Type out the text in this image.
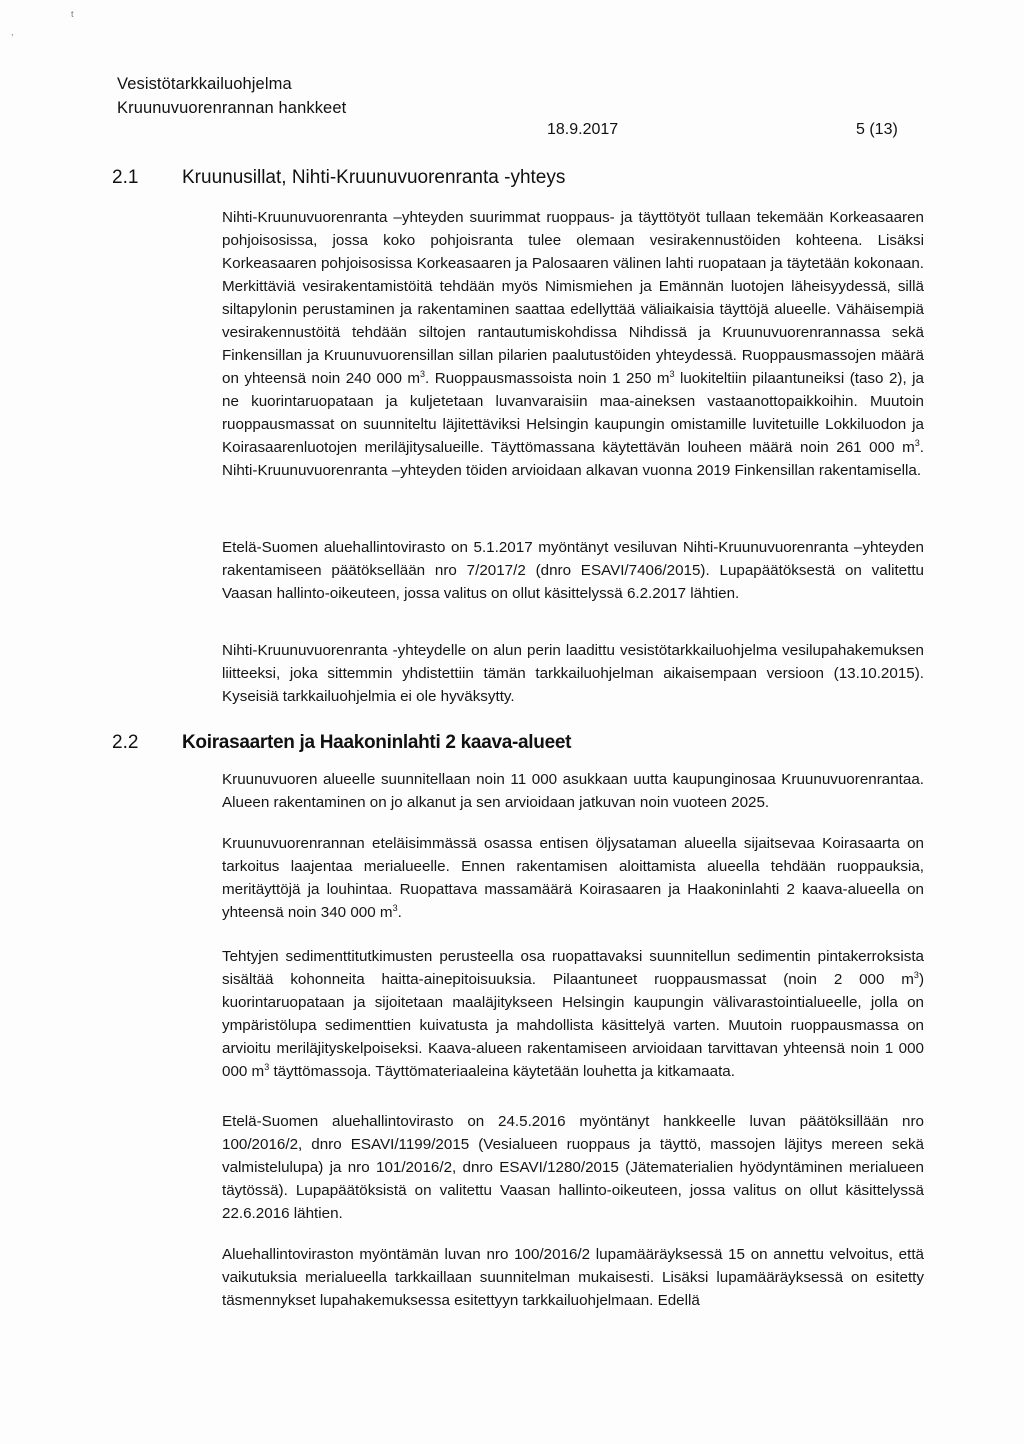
,
t
Vesistötarkkailuohjelma
Kruunuvuorenrannan hankkeet
18.9.2017	5 (13)
2.1 Kruunusillat, Nihti-Kruunuvuorenranta -yhteys

Nihti-Kruunuvuorenranta –yhteyden suurimmat ruoppaus- ja täyttötyöt tullaan tekemään Korkeasaaren pohjoisosissa, jossa koko pohjoisranta tulee olemaan vesirakennustöiden kohteena. Lisäksi Korkeasaaren pohjoisosissa Korkeasaaren ja Palosaaren välinen lahti ruopataan ja täytetään kokonaan. Merkittäviä vesirakentamistöitä tehdään myös Nimismiehen ja Emännän luotojen läheisyydessä, sillä siltapylonin perustaminen ja rakentaminen saattaa edellyttää väliaikaisia täyttöjä alueelle. Vähäisempiä vesirakennustöitä tehdään siltojen rantautumiskohdissa Nihdissä ja Kruunuvuorenrannassa sekä Finkensillan ja Kruunuvuorensillan sillan pilarien paalutustöiden yhteydessä. Ruoppausmassojen määrä on yhteensä noin 240 000 $m^3$. Ruoppausmassoista noin 1 250 $m^3$ luokiteltiin pilaantuneiksi (taso 2), ja ne kuorintaruopataan ja kuljetetaan luvanvaraisiin maa-aineksen vastaanottopaikkoihin. Muutoin ruoppausmassat on suunniteltu läjitettäviksi Helsingin kaupungin omistamille luvitetuille Lokkiluodon ja Koirasaarenluotojen meriläjitysalueille. Täyttömassana käytettävän louheen määrä noin 261 000 $m^3$. Nihti-Kruunuvuorenranta –yhteyden töiden arvioidaan alkavan vuonna 2019 Finkensillan rakentamisella.

Etelä-Suomen aluehallintovirasto on 5.1.2017 myöntänyt vesiluvan Nihti-Kruunuvuorenranta –yhteyden rakentamiseen päätöksellään nro 7/2017/2 (dnro ESAVI/7406/2015). Lupapäätöksestä on valitettu Vaasan hallinto-oikeuteen, jossa valitus on ollut käsittelyssä 6.2.2017 lähtien.

Nihti-Kruunuvuorenranta -yhteydelle on alun perin laadittu vesistötarkkailuohjelma vesilupahakemuksen liitteeksi, joka sittemmin yhdistettiin tämän tarkkailuohjelman aikaisempaan versioon (13.10.2015). Kyseisiä tarkkailuohjelmia ei ole hyväksytty.

2.2 Koirasaarten ja Haakoninlahti 2 kaava-alueet

Kruunuvuoren alueelle suunnitellaan noin 11 000 asukkaan uutta kaupunginosaa Kruunuvuorenrantaa. Alueen rakentaminen on jo alkanut ja sen arvioidaan jatkuvan noin vuoteen 2025.

Kruunuvuorenrannan eteläisimmässä osassa entisen öljysataman alueella sijaitsevaa Koirasaarta on tarkoitus laajentaa merialueelle. Ennen rakentamisen aloittamista alueella tehdään ruoppauksia, meritäyttöjä ja louhintaa. Ruopattava massamäärä Koirasaaren ja Haakoninlahti 2 kaava-alueella on yhteensä noin 340 000 $m^3$.

Tehtyjen sedimenttitutkimusten perusteella osa ruopattavaksi suunnitellun sedimentin pintakerroksista sisältää kohonneita haitta-ainepitoisuuksia. Pilaantuneet ruoppausmassat (noin 2 000 $m^3$) kuorintaruopataan ja sijoitetaan maaläjitykseen Helsingin kaupungin välivarastointialueelle, jolla on ympäristölupa sedimenttien kuivatusta ja mahdollista käsittelyä varten. Muutoin ruoppausmassa on arvioitu meriläjityskelpoiseksi. Kaava-alueen rakentamiseen arvioidaan tarvittavan yhteensä noin 1 000 000 $m^3$ täyttömassoja. Täyttömateriaaleina käytetään louhetta ja kitkamaata.

Etelä-Suomen aluehallintovirasto on 24.5.2016 myöntänyt hankkeelle luvan päätöksillään nro 100/2016/2, dnro ESAVI/1199/2015 (Vesialueen ruoppaus ja täyttö, massojen läjitys mereen sekä valmistelulupa) ja nro 101/2016/2, dnro ESAVI/1280/2015 (Jätematerialien hyödyntäminen merialueen täytössä). Lupapäätöksistä on valitettu Vaasan hallinto-oikeuteen, jossa valitus on ollut käsittelyssä 22.6.2016 lähtien.

Aluehallintoviraston myöntämän luvan nro 100/2016/2 lupamääräyksessä 15 on annettu velvoitus, että vaikutuksia merialueella tarkkaillaan suunnitelman mukaisesti. Lisäksi lupamääräyksessä on esitetty täsmennykset lupahakemuksessa esitettyyn tarkkailuohjelmaan. Edellä
